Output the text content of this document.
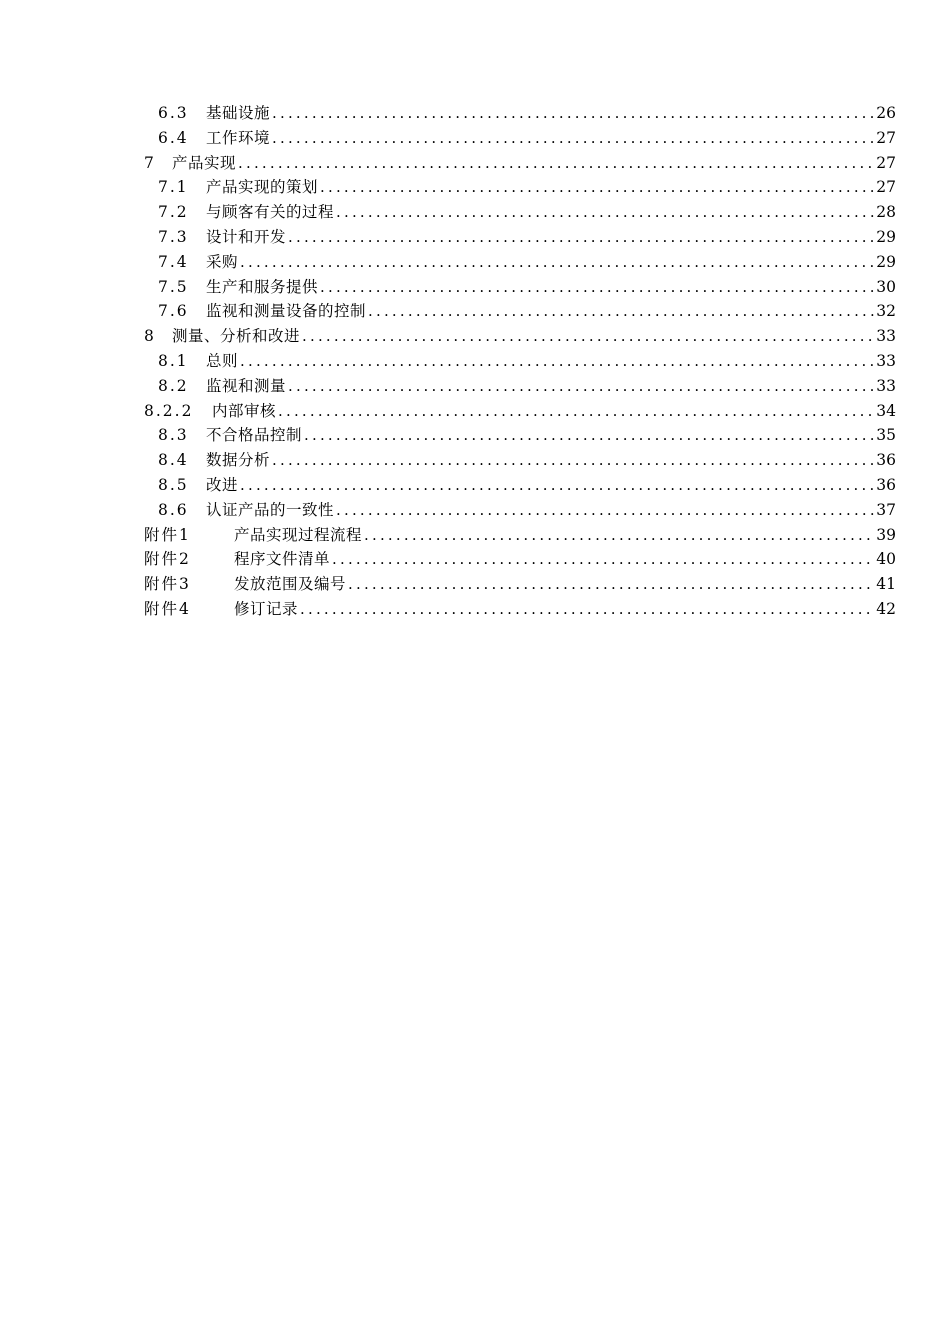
6.3	基础设施 .....	26
6.4	工作环境 .....	27
7	产品实现 .....	27
7.1	产品实现的策划 .....	27
7.2	与顾客有关的过程 .....	28
7.3	设计和开发 .....	29
7.4	采购 .....	29
7.5	生产和服务提供 .....	30
7.6	监视和测量设备的控制 .....	32
8	测量、分析和改进 .....	33
8.1	总则 .....	33
8.2	监视和测量 .....	33
8.2.2	内部审核 .....	34
8.3	不合格品控制 .....	35
8.4	数据分析 .....	36
8.5	改进 .....	36
8.6	认证产品的一致性 .....	37
附件1	产品实现过程流程 .....	39
附件2	程序文件清单 .....	40
附件3	发放范围及编号 .....	41
附件4	修订记录 .....	42
